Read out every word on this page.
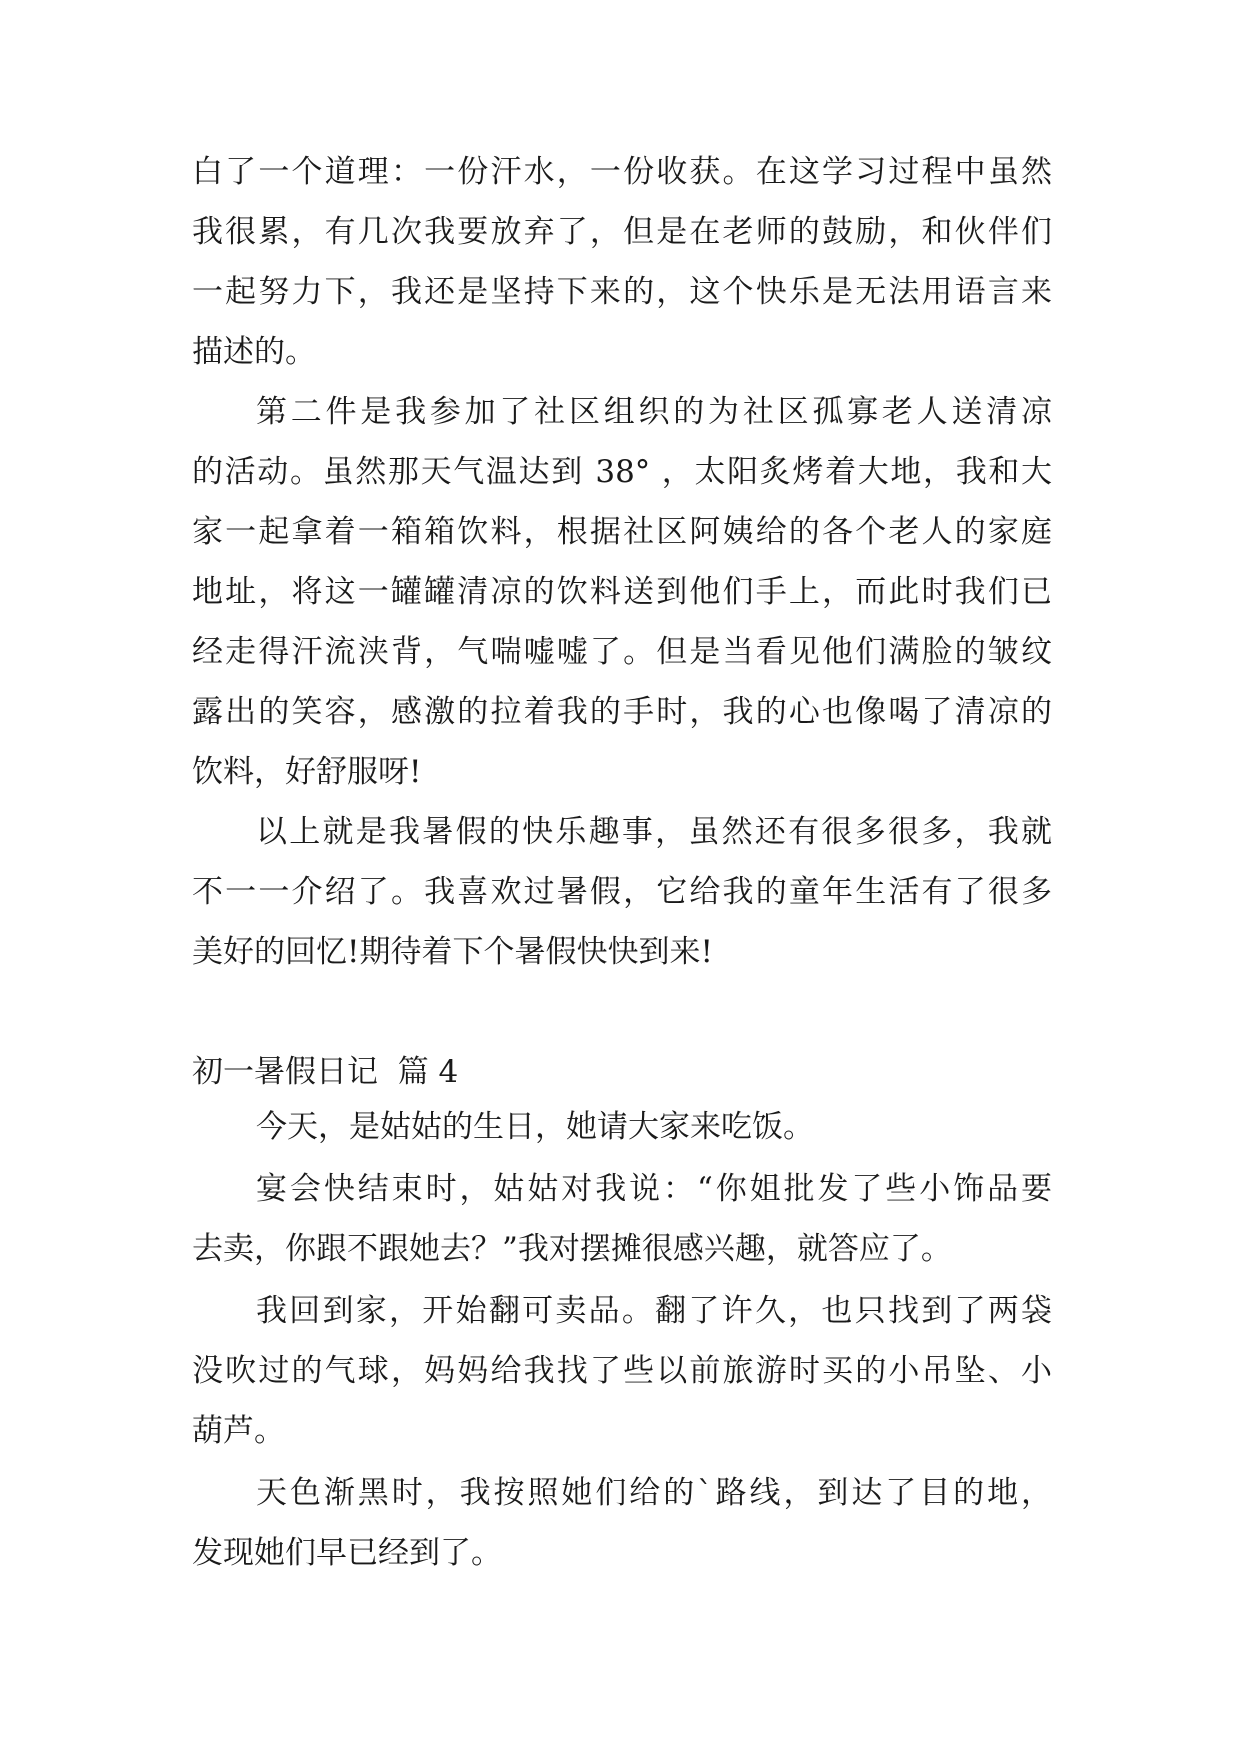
白了一个道理：一份汗水，一份收获。在这学习过程中虽然
我很累，有几次我要放弃了，但是在老师的鼓励，和伙伴们
一起努力下，我还是坚持下来的，这个快乐是无法用语言来
描述的。
第二件是我参加了社区组织的为社区孤寡老人送清凉
的活动。虽然那天气温达到 38° ，太阳炙烤着大地，我和大
家一起拿着一箱箱饮料，根据社区阿姨给的各个老人的家庭
地址，将这一罐罐清凉的饮料送到他们手上，而此时我们已
经走得汗流浃背，气喘嘘嘘了。但是当看见他们满脸的皱纹
露出的笑容，感激的拉着我的手时，我的心也像喝了清凉的
饮料，好舒服呀!
以上就是我暑假的快乐趣事，虽然还有很多很多，我就
不一一介绍了。我喜欢过暑假，它给我的童年生活有了很多
美好的回忆!期待着下个暑假快快到来!
初一暑假日记  篇 4
今天，是姑姑的生日，她请大家来吃饭。
宴会快结束时，姑姑对我说：“你姐批发了些小饰品要
去卖，你跟不跟她去？”我对摆摊很感兴趣，就答应了。
我回到家，开始翻可卖品。翻了许久，也只找到了两袋
没吹过的气球，妈妈给我找了些以前旅游时买的小吊坠、小
葫芦。
天色渐黑时，我按照她们给的`路线，到达了目的地，
发现她们早已经到了。
